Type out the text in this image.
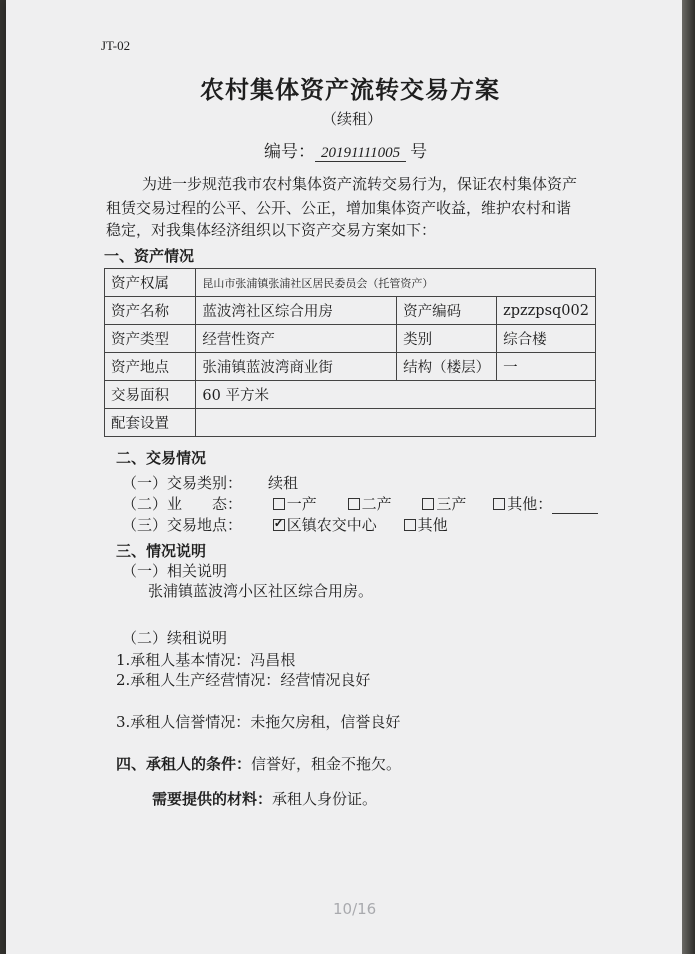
JT-02
农村集体资产流转交易方案
（续租）
编号： 20191111005 号
为进一步规范我市农村集体资产流转交易行为，保证农村集体资产
租赁交易过程的公平、公开、公正，增加集体资产收益，维护农村和谐
稳定，对我集体经济组织以下资产交易方案如下：
一、资产情况
资产权属	昆山市张浦镇张浦社区居民委员会（托管资产）		
资产名称	蓝波湾社区综合用房	资产编码	zpzzpsq002
资产类型	经营性资产	类别	综合楼
资产地点	张浦镇蓝波湾商业街	结构（楼层）	一
交易面积	60 平方米		
配套设置			
二、交易情况
（一）交易类别： 续租
（二）业　　态：	一产	二产	三产	其他：
（三）交易地点： ✓	区镇农交中心	其他
三、情况说明
（一）相关说明
张浦镇蓝波湾小区社区综合用房。
（二）续租说明
1.承租人基本情况：冯昌根
2.承租人生产经营情况：经营情况良好
3.承租人信誉情况：未拖欠房租，信誉良好
四、承租人的条件：信誉好，租金不拖欠。
需要提供的材料：承租人身份证。
10/16
